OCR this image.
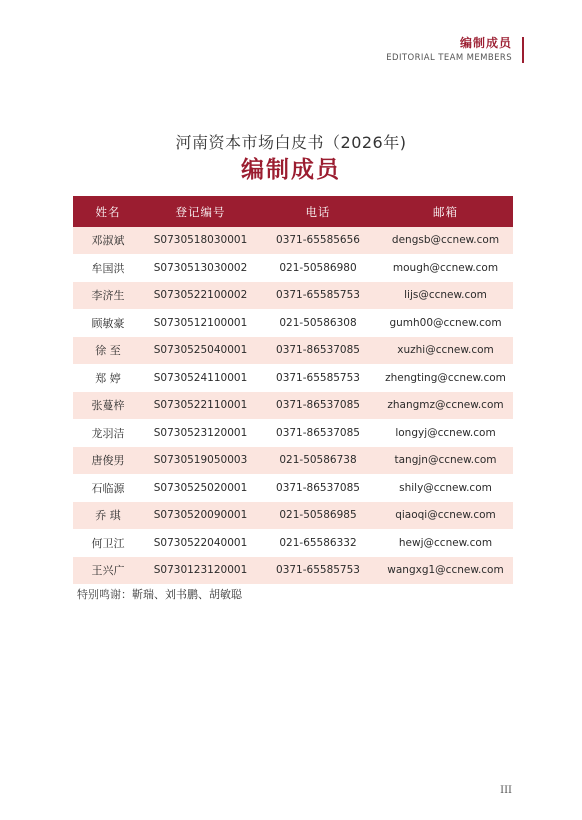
编制成员
EDITORIAL TEAM MEMBERS
河南资本市场白皮书（2026年)
编制成员
姓名	登记编号	电话	邮箱
邓淑斌	S0730518030001	0371-65585656	dengsb@ccnew.com
牟国洪	S0730513030002	021-50586980	mough@ccnew.com
李济生	S0730522100002	0371-65585753	lijs@ccnew.com
顾敏豪	S0730512100001	021-50586308	gumh00@ccnew.com
徐 至	S0730525040001	0371-86537085	xuzhi@ccnew.com
郑 婷	S0730524110001	0371-65585753	zhengting@ccnew.com
张蔓梓	S0730522110001	0371-86537085	zhangmz@ccnew.com
龙羽洁	S0730523120001	0371-86537085	longyj@ccnew.com
唐俊男	S0730519050003	021-50586738	tangjn@ccnew.com
石临源	S0730525020001	0371-86537085	shily@ccnew.com
乔 琪	S0730520090001	021-50586985	qiaoqi@ccnew.com
何卫江	S0730522040001	021-65586332	hewj@ccnew.com
王兴广	S0730123120001	0371-65585753	wangxg1@ccnew.com
特别鸣谢：靳瑞、刘书鹏、胡敏聪
III
